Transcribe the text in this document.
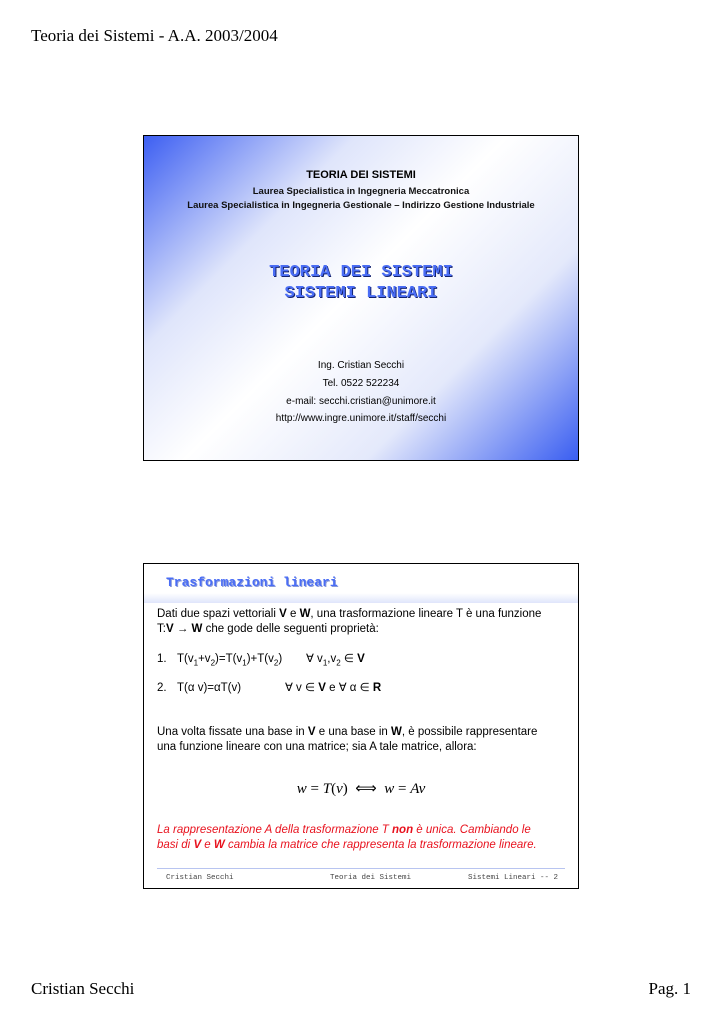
Teoria dei Sistemi - A.A. 2003/2004
TEORIA DEI SISTEMI
Laurea Specialistica in Ingegneria Meccatronica
Laurea Specialistica in Ingegneria Gestionale – Indirizzo Gestione Industriale
TEORIA DEI SISTEMI
SISTEMI LINEARI
Ing. Cristian Secchi
Tel. 0522 522234
e-mail: secchi.cristian@unimore.it
http://www.ingre.unimore.it/staff/secchi
Trasformazioni lineari
Dati due spazi vettoriali V e W, una trasformazione lineare T è una funzione
T:V → W che gode delle seguenti proprietà:
1. $T(v_1+v_2)=T(v_1)+T(v_2)$ ∀ $v_1,v_2$ ∈ V
2. T(α v)=αT(v)	∀ v ∈ V e ∀ α ∈ R
Una volta fissate una base in V e una base in W, è possibile rappresentare
una funzione lineare con una matrice; sia A tale matrice, allora:
w = T(v)  ⟺  w = Av
La rappresentazione A della trasformazione T non è unica. Cambiando le
basi di V e W cambia la matrice che rappresenta la trasformazione lineare.
Cristian Secchi	Teoria dei Sistemi	Sistemi Lineari -- 2
Cristian Secchi	Pag. 1
